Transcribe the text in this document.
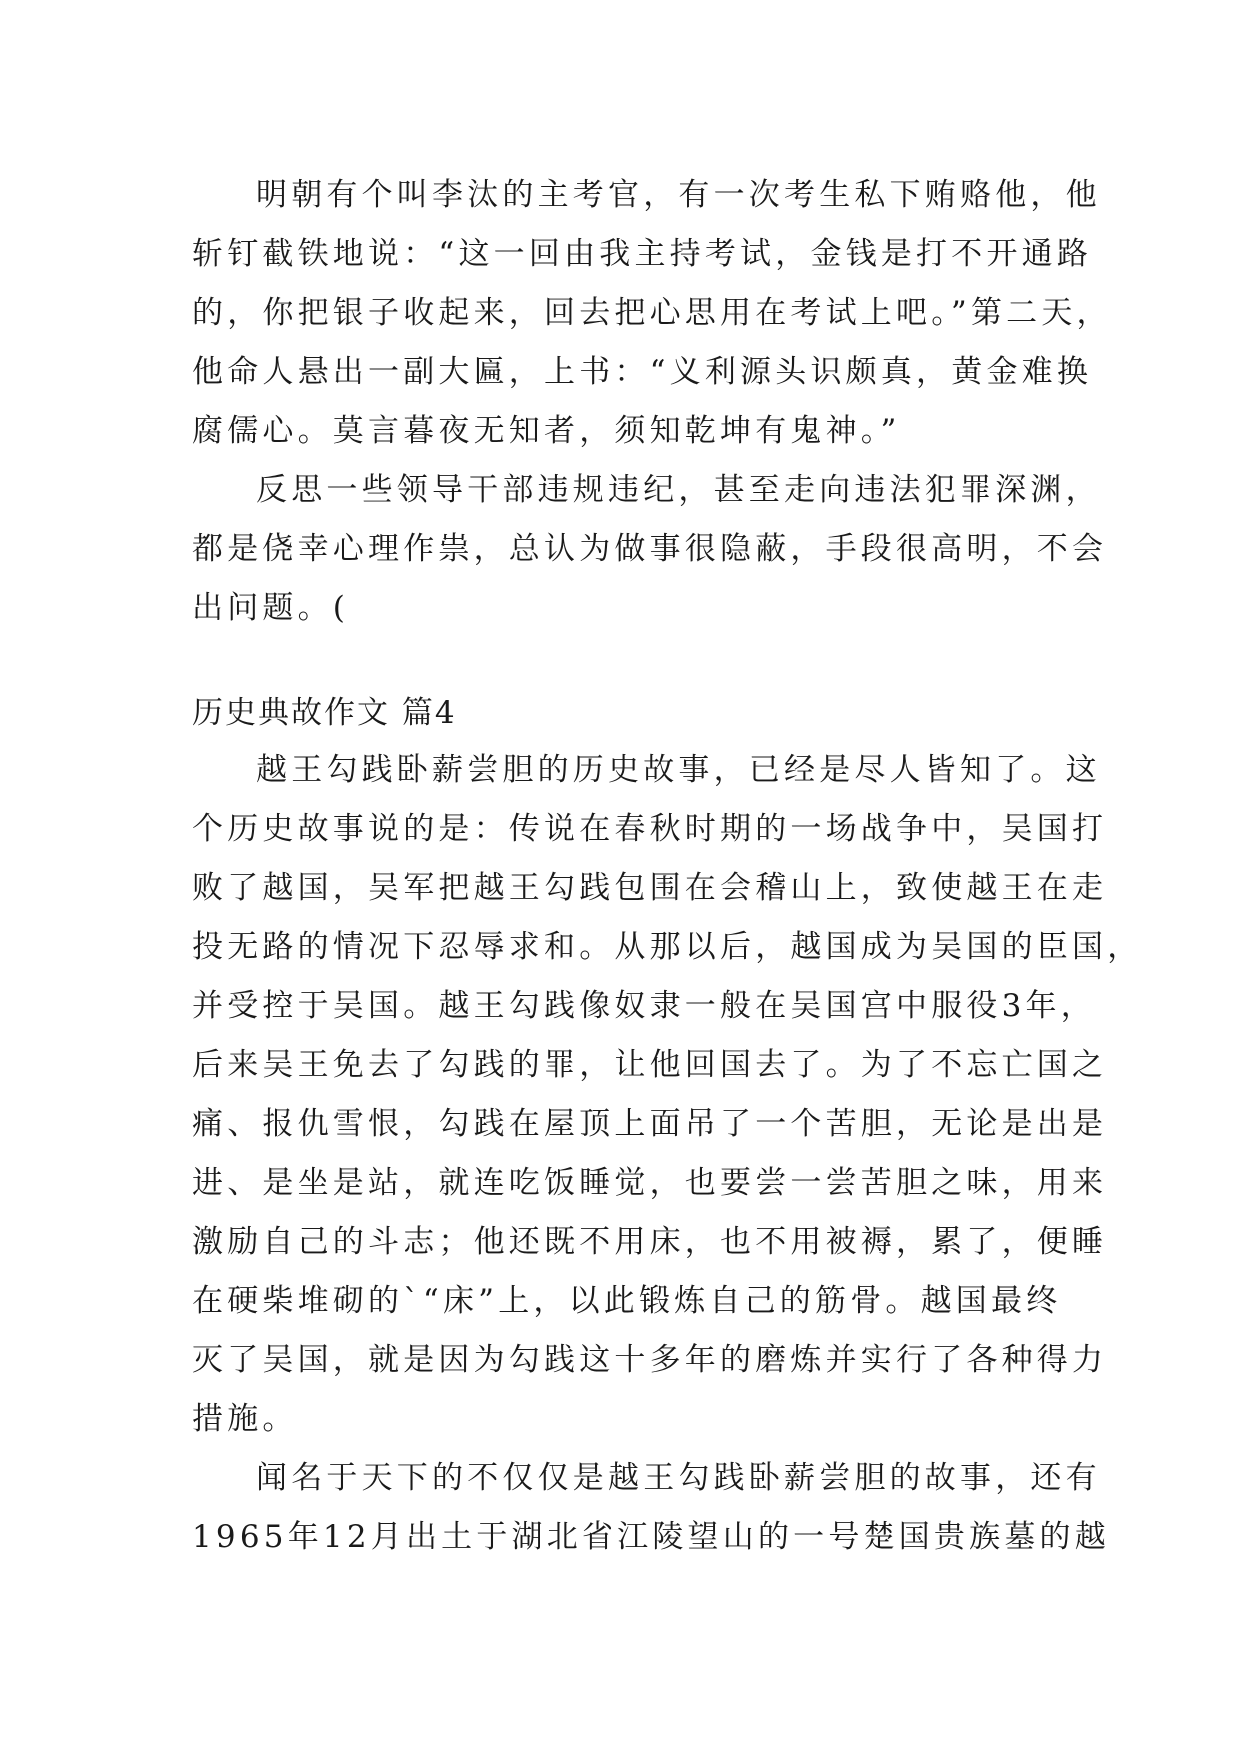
明朝有个叫李汰的主考官，有一次考生私下贿赂他，他
斩钉截铁地说：“这一回由我主持考试，金钱是打不开通路
的，你把银子收起来，回去把心思用在考试上吧。”第二天，
他命人悬出一副大匾，上书：“义利源头识颇真，黄金难换
腐儒心。莫言暮夜无知者，须知乾坤有鬼神。”
反思一些领导干部违规违纪，甚至走向违法犯罪深渊，
都是侥幸心理作祟，总认为做事很隐蔽，手段很高明，不会
出问题。(
历史典故作文 篇4
越王勾践卧薪尝胆的历史故事，已经是尽人皆知了。这
个历史故事说的是：传说在春秋时期的一场战争中，吴国打
败了越国，吴军把越王勾践包围在会稽山上，致使越王在走
投无路的情况下忍辱求和。从那以后，越国成为吴国的臣国，
并受控于吴国。越王勾践像奴隶一般在吴国宫中服役3年，
后来吴王免去了勾践的罪，让他回国去了。为了不忘亡国之
痛、报仇雪恨，勾践在屋顶上面吊了一个苦胆，无论是出是
进、是坐是站，就连吃饭睡觉，也要尝一尝苦胆之味，用来
激励自己的斗志；他还既不用床，也不用被褥，累了，便睡
在硬柴堆砌的`“床”上，以此锻炼自己的筋骨。越国最终
灭了吴国，就是因为勾践这十多年的磨炼并实行了各种得力
措施。
闻名于天下的不仅仅是越王勾践卧薪尝胆的故事，还有
1965年12月出土于湖北省江陵望山的一号楚国贵族墓的越
